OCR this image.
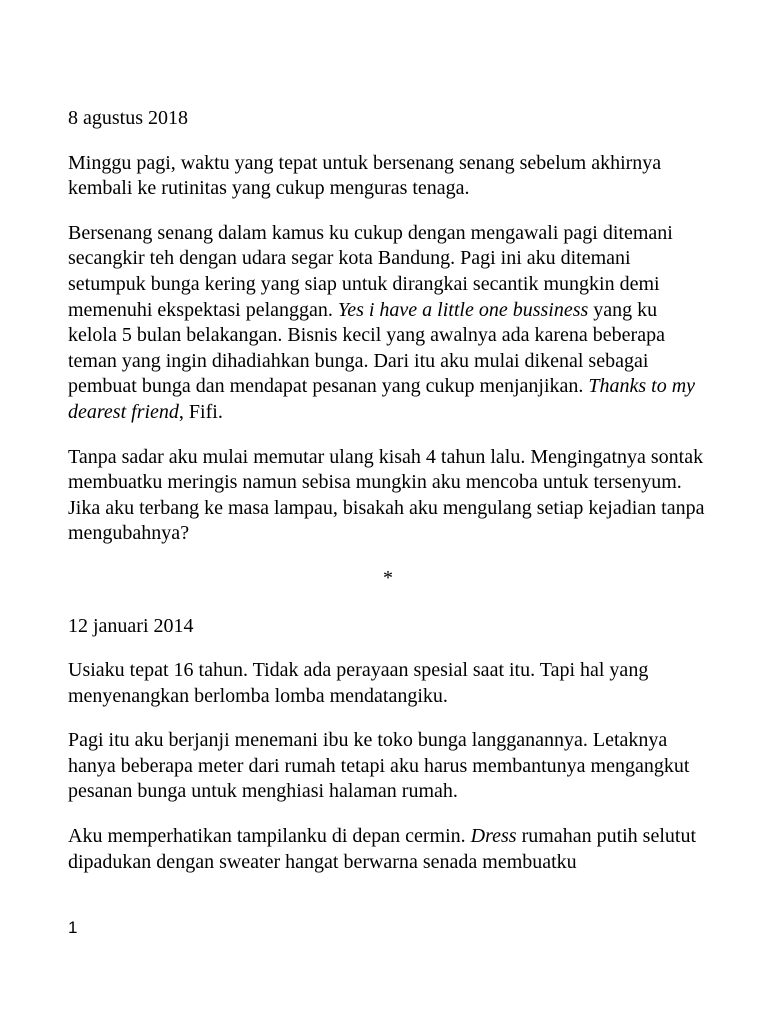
8 agustus 2018

Minggu pagi, waktu yang tepat untuk bersenang senang sebelum akhirnya kembali ke rutinitas yang cukup menguras tenaga.

Bersenang senang dalam kamus ku cukup dengan mengawali pagi ditemani secangkir teh dengan udara segar kota Bandung. Pagi ini aku ditemani setumpuk bunga kering yang siap untuk dirangkai secantik mungkin demi memenuhi ekspektasi pelanggan. Yes i have a little one bussiness yang ku kelola 5 bulan belakangan. Bisnis kecil yang awalnya ada karena beberapa teman yang ingin dihadiahkan bunga. Dari itu aku mulai dikenal sebagai pembuat bunga dan mendapat pesanan yang cukup menjanjikan. Thanks to my dearest friend, Fifi.

Tanpa sadar aku mulai memutar ulang kisah 4 tahun lalu. Mengingatnya sontak membuatku meringis namun sebisa mungkin aku mencoba untuk tersenyum. Jika aku terbang ke masa lampau, bisakah aku mengulang setiap kejadian tanpa mengubahnya?

*

12 januari 2014

Usiaku tepat 16 tahun. Tidak ada perayaan spesial saat itu. Tapi hal yang menyenangkan berlomba lomba mendatangiku.

Pagi itu aku berjanji menemani ibu ke toko bunga langganannya. Letaknya hanya beberapa meter dari rumah tetapi aku harus membantunya mengangkut pesanan bunga untuk menghiasi halaman rumah.

Aku memperhatikan tampilanku di depan cermin. Dress rumahan putih selutut dipadukan dengan sweater hangat berwarna senada membuatku

1
